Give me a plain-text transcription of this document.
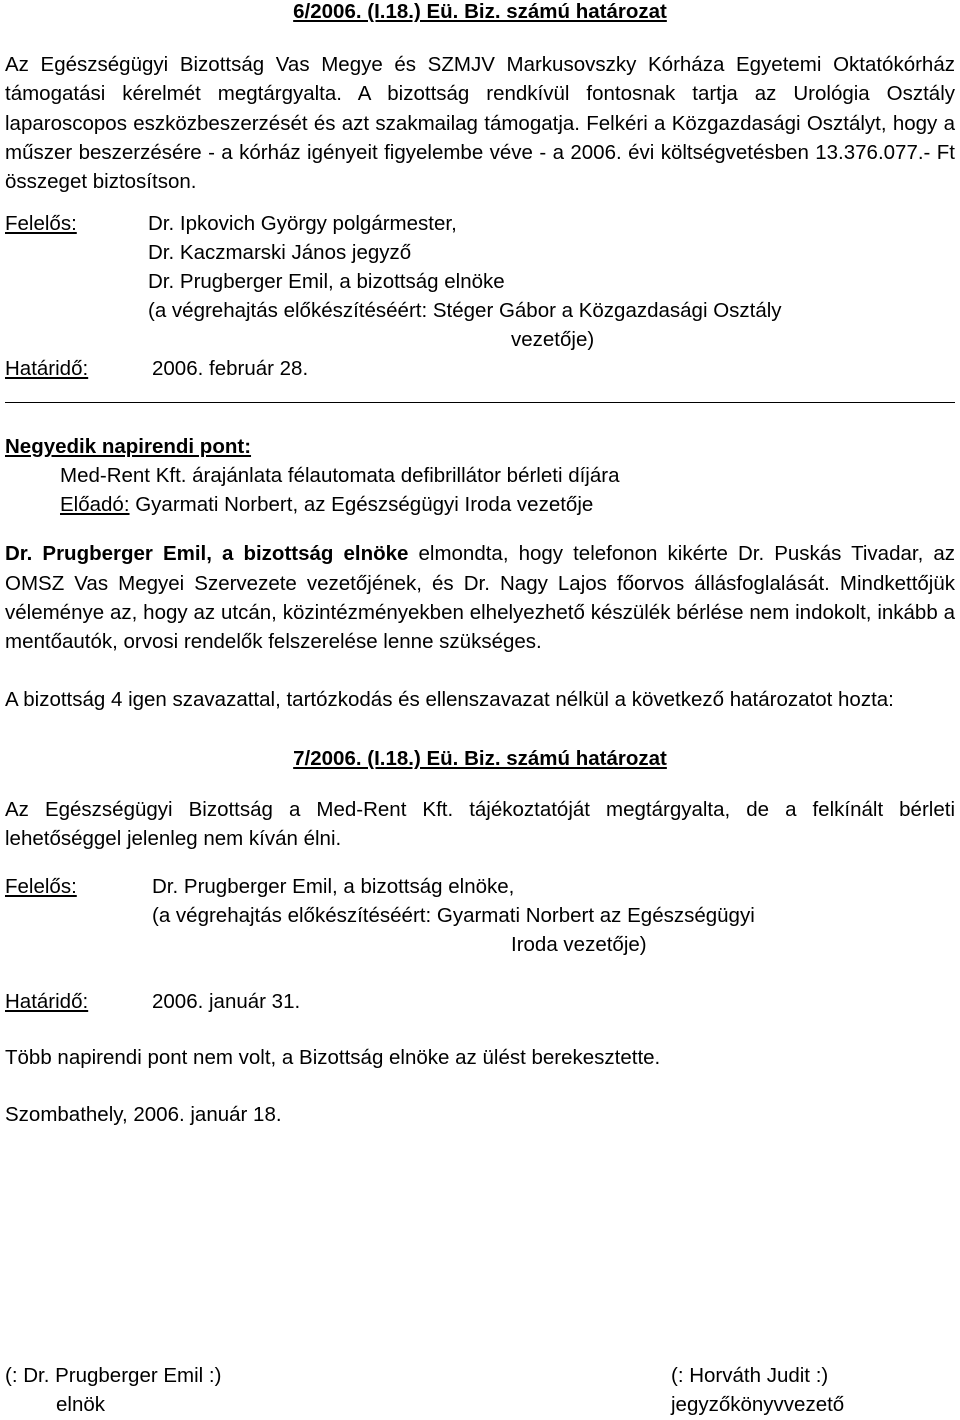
6/2006. (I.18.) Eü. Biz. számú határozat
Az Egészségügyi Bizottság Vas Megye és SZMJV Markusovszky Kórháza Egyetemi Oktatókórház támogatási kérelmét megtárgyalta. A bizottság rendkívül fontosnak tartja az Urológia Osztály laparoscopos eszközbeszerzését és azt szakmailag támogatja. Felkéri a Közgazdasági Osztályt, hogy a műszer beszerzésére - a kórház igényeit figyelembe véve - a 2006. évi költségvetésben 13.376.077.- Ft összeget biztosítson.
Felelős:	Dr. Ipkovich György polgármester,
Dr. Kaczmarski János jegyző
Dr. Prugberger Emil, a bizottság elnöke
(a végrehajtás előkészítéséért: Stéger Gábor a Közgazdasági Osztály
vezetője)
Határidő:	2006. február 28.
Negyedik napirendi pont:
Med-Rent Kft. árajánlata félautomata defibrillátor bérleti díjára
Előadó: Gyarmati Norbert, az Egészségügyi Iroda vezetője
Dr. Prugberger Emil, a bizottság elnöke elmondta, hogy telefonon kikérte Dr. Puskás Tivadar, az OMSZ Vas Megyei Szervezete vezetőjének, és Dr. Nagy Lajos főorvos állásfoglalását. Mindkettőjük véleménye az, hogy az utcán, közintézményekben elhelyezhető készülék bérlése nem indokolt, inkább a mentőautók, orvosi rendelők felszerelése lenne szükséges.
A bizottság 4 igen szavazattal, tartózkodás és ellenszavazat nélkül a következő határozatot hozta:
7/2006. (I.18.) Eü. Biz. számú határozat
Az Egészségügyi Bizottság a Med-Rent Kft. tájékoztatóját megtárgyalta, de a felkínált bérleti lehetőséggel jelenleg nem kíván élni.
Felelős:	Dr. Prugberger Emil, a bizottság elnöke,
(a végrehajtás előkészítéséért: Gyarmati Norbert az Egészségügyi
Iroda vezetője)
Határidő:	2006. január 31.
Több napirendi pont nem volt, a Bizottság elnöke az ülést berekesztette.
Szombathely, 2006. január 18.
(: Dr. Prugberger Emil :)
elnök
(: Horváth Judit :)
jegyzőkönyvvezető
